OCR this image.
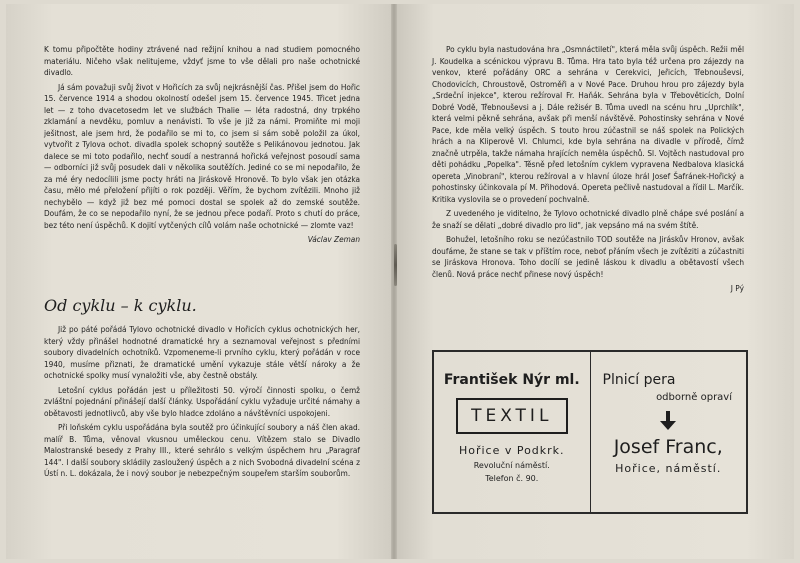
K tomu připočtěte hodiny ztrávené nad režijní knihou a nad studiem pomocného materiálu. Ničeho však nelitujeme, vždyť jsme to vše dělali pro naše ochotnické divadlo.

Já sám považuji svůj život v Hořicích za svůj nejkrásnější čas. Přišel jsem do Hořic 15. července 1914 a shodou okolností odešel jsem 15. července 1945. Třicet jedna let — z toho dvacetosedm let ve službách Thalie — léta radostná, dny trpkého zklamání a nevděku, pomluv a nenávisti. To vše je již za námi. Promiňte mi moji ješitnost, ale jsem hrd, že podařilo se mi to, co jsem si sám sobě položil za úkol, vytvořit z Tylova ochot. divadla spolek schopný soutěže s Pelikánovou jednotou. Jak dalece se mi toto podařilo, nechť soudí a nestranná hořická veřejnost posoudí sama — odborníci již svůj posudek dali v několika soutěžích. Jediné co se mi nepodařilo, že za mé éry nedocílili jsme pocty hráti na Jiráskově Hronově. To bylo však jen otázka času, mělo mé přeložení přijíti o rok později. Věřím, že bychom zvítězili. Mnoho již nechybělo — když již bez mé pomoci dostal se spolek až do zemské soutěže. Doufám, že co se nepodařilo nyní, že se jednou přece podaří. Proto s chutí do práce, bez této není úspěchů. K dojití vytčených cílů volám naše ochotnické — zlomte vaz!

Václav Zeman
Od cyklu – k cyklu.

Již po páté pořádá Tylovo ochotnické divadlo v Hořicích cyklus ochotnických her, který vždy přinášel hodnotné dramatické hry a seznamoval veřejnost s předními soubory divadelních ochotníků. Vzpomeneme-li prvního cyklu, který pořádán v roce 1940, musíme přiznati, že dramatické umění vykazuje stále větší nároky a že ochotnické spolky musí vynaložiti vše, aby čestně obstály.

Letošní cyklus pořádán jest u příležitosti 50. výročí činnosti spolku, o čemž zvláštní pojednání přinášejí další články. Uspořádání cyklu vyžaduje určité námahy a obětavosti jednotlivců, aby vše bylo hladce zdoláno a návštěvníci uspokojeni.

Při loňském cyklu uspořádána byla soutěž pro účinkující soubory a náš člen akad. malíř B. Tůma, věnoval vkusnou uměleckou cenu. Vítězem stalo se Divadlo Malostranské besedy z Prahy III., které sehrálo s velkým úspěchem hru „Paragraf 144". I další soubory skládily zasloužený úspěch a z nich Svobodná divadelní scéna z Ústí n. L. dokázala, že i nový soubor je nebezpečným soupeřem starším souborům.

Po cyklu byla nastudována hra „Osmnáctiletí", která měla svůj úspěch. Režii měl J. Koudelka a scénickou výpravu B. Tůma. Hra tato byla též určena pro zájezdy na venkov, které pořádány ORC a sehrána v Cerekvici, Jeřicích, Třebnouševsi, Chodovicích, Chroustově, Ostroměři a v Nové Pace. Druhou hrou pro zájezdy byla „Srdeční injekce", kterou režíroval Fr. Haňák. Sehrána byla v Třebověticích, Dolní Dobré Vodě, Třebnouševsi a j. Dále režisér B. Tůma uvedl na scénu hru „Uprchlík", která velmi pěkně sehrána, avšak při menší návštěvě. Pohostinsky sehrána v Nové Pace, kde měla velký úspěch. S touto hrou zúčastnil se náš spolek na Polických hrách a na Kliperově VI. Chlumci, kde byla sehrána na divadle v přírodě, čímž značně utrpěla, takže námaha hrajících neměla úspěchů. Sl. Vojtěch nastudoval pro děti pohádku „Popelka". Těsně před letošním cyklem vypravena Nedbalova klasická opereta „Vinobraní", kterou režíroval a v hlavní úloze hrál Josef Šafránek-Hořický a pohostinsky účinkovala pí M. Přihodová. Opereta pečlivě nastudoval a řídil L. Marčík. Kritika vyslovila se o provedení pochvalně.

Z uvedeného je viditelno, že Tylovo ochotnické divadlo plně chápe své poslání a že snaží se dělati „dobré divadlo pro lid", jak vepsáno má na svém štítě.

Bohužel, letošního roku se nezúčastnilo TOD soutěže na Jiráskův Hronov, avšak doufáme, že stane se tak v příštím roce, neboť přáním všech je zvítěziti a zúčastniti se Jiráskova Hronova. Toho docílí se jedině láskou k divadlu a obětavostí všech členů. Nová práce nechť přinese nový úspěch!

J Pý
František Nýr ml.
TEXTIL
Hořice v Podkrk.
Revoluční náměstí.
Telefon č. 90.
Plnicí pera
odborně opraví
Josef Franc,
Hořice, náměstí.
